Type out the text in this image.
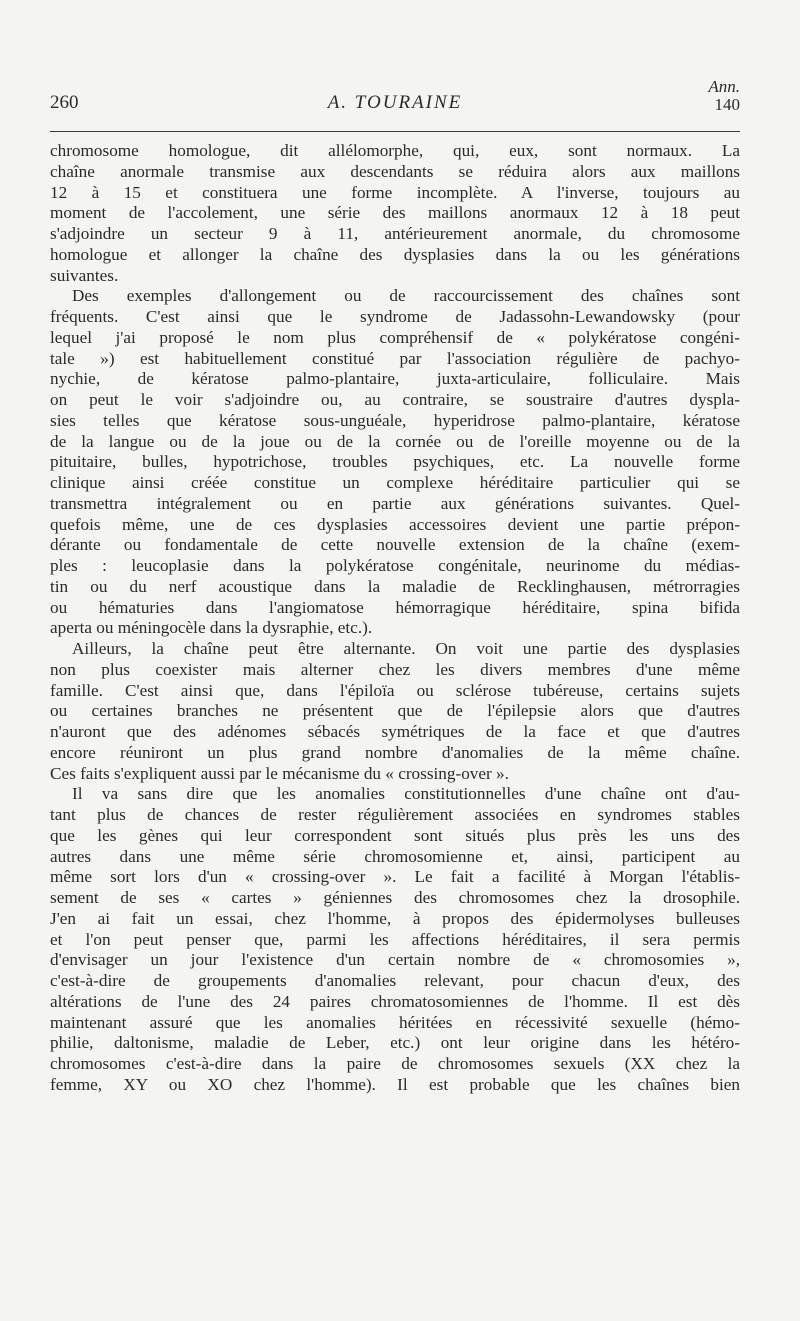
260	A. TOURAINE
Ann.
140
chromosome homologue, dit allélomorphe, qui, eux, sont normaux. La
chaîne anormale transmise aux descendants se réduira alors aux maillons
12 à 15 et constituera une forme incomplète. A l'inverse, toujours au
moment de l'accolement, une série des maillons anormaux 12 à 18 peut
s'adjoindre un secteur 9 à 11, antérieurement anormale, du chromosome
homologue et allonger la chaîne des dysplasies dans la ou les générations
suivantes.
Des exemples d'allongement ou de raccourcissement des chaînes sont
fréquents. C'est ainsi que le syndrome de Jadassohn-Lewandowsky (pour
lequel j'ai proposé le nom plus compréhensif de « polykératose congéni-
tale ») est habituellement constitué par l'association régulière de pachyo-
nychie, de kératose palmo-plantaire, juxta-articulaire, folliculaire. Mais
on peut le voir s'adjoindre ou, au contraire, se soustraire d'autres dyspla-
sies telles que kératose sous-unguéale, hyperidrose palmo-plantaire, kératose
de la langue ou de la joue ou de la cornée ou de l'oreille moyenne ou de la
pituitaire, bulles, hypotrichose, troubles psychiques, etc. La nouvelle forme
clinique ainsi créée constitue un complexe héréditaire particulier qui se
transmettra intégralement ou en partie aux générations suivantes. Quel-
quefois même, une de ces dysplasies accessoires devient une partie prépon-
dérante ou fondamentale de cette nouvelle extension de la chaîne (exem-
ples : leucoplasie dans la polykératose congénitale, neurinome du médias-
tin ou du nerf acoustique dans la maladie de Recklinghausen, métrorragies
ou hématuries dans l'angiomatose hémorragique héréditaire, spina bifida
aperta ou méningocèle dans la dysraphie, etc.).
Ailleurs, la chaîne peut être alternante. On voit une partie des dysplasies
non plus coexister mais alterner chez les divers membres d'une même
famille. C'est ainsi que, dans l'épiloïa ou sclérose tubéreuse, certains sujets
ou certaines branches ne présentent que de l'épilepsie alors que d'autres
n'auront que des adénomes sébacés symétriques de la face et que d'autres
encore réuniront un plus grand nombre d'anomalies de la même chaîne.
Ces faits s'expliquent aussi par le mécanisme du « crossing-over ».
Il va sans dire que les anomalies constitutionnelles d'une chaîne ont d'au-
tant plus de chances de rester régulièrement associées en syndromes stables
que les gènes qui leur correspondent sont situés plus près les uns des
autres dans une même série chromosomienne et, ainsi, participent au
même sort lors d'un « crossing-over ». Le fait a facilité à Morgan l'établis-
sement de ses « cartes » géniennes des chromosomes chez la drosophile.
J'en ai fait un essai, chez l'homme, à propos des épidermolyses bulleuses
et l'on peut penser que, parmi les affections héréditaires, il sera permis
d'envisager un jour l'existence d'un certain nombre de « chromosomies »,
c'est-à-dire de groupements d'anomalies relevant, pour chacun d'eux, des
altérations de l'une des 24 paires chromatosomiennes de l'homme. Il est dès
maintenant assuré que les anomalies héritées en récessivité sexuelle (hémo-
philie, daltonisme, maladie de Leber, etc.) ont leur origine dans les hétéro-
chromosomes c'est-à-dire dans la paire de chromosomes sexuels (XX chez la
femme, XY ou XO chez l'homme). Il est probable que les chaînes bien
